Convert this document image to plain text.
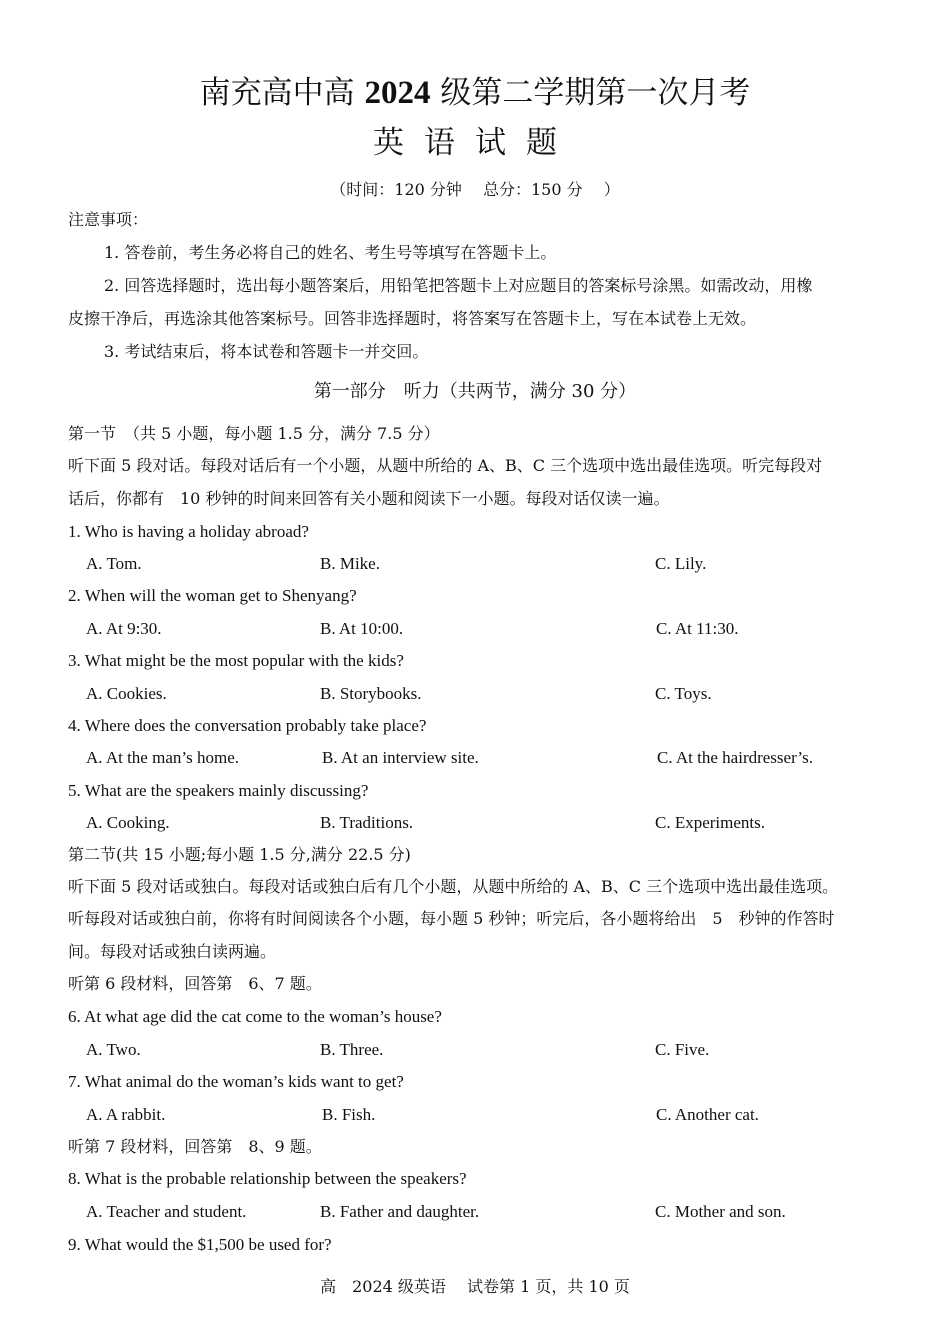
南充高中高 2024 级第二学期第一次月考
英语试题
（时间：120 分钟　 总分：150 分　 ）
注意事项：
1. 答卷前，考生务必将自己的姓名、考生号等填写在答题卡上。
2. 回答选择题时，选出每小题答案后，用铅笔把答题卡上对应题目的答案标号涂黑。如需改动，用橡
皮擦干净后，再选涂其他答案标号。回答非选择题时，将答案写在答题卡上，写在本试卷上无效。
3. 考试结束后，将本试卷和答题卡一并交回。
第一部分　听力（共两节，满分 30 分）
第一节　（共 5 小题，每小题 1.5 分，满分 7.5 分）
听下面 5 段对话。每段对话后有一个小题，从题中所给的 A、B、C 三个选项中选出最佳选项。听完每段对
话后，你都有　10 秒钟的时间来回答有关小题和阅读下一小题。每段对话仅读一遍。
1. Who is having a holiday abroad?
A. Tom.	B. Mike.	C. Lily.
2. When will the woman get to Shenyang?
A. At 9:30.	B. At 10:00.	C. At 11:30.
3. What might be the most popular with the kids?
A. Cookies.	B. Storybooks.	C. Toys.
4. Where does the conversation probably take place?
A. At the man’s home.	B. At an interview site.	C. At the hairdresser’s.
5. What are the speakers mainly discussing?
A. Cooking.	B. Traditions.	C. Experiments.
第二节(共 15 小题;每小题 1.5 分,满分 22.5 分)
听下面 5 段对话或独白。每段对话或独白后有几个小题，从题中所给的 A、B、C 三个选项中选出最佳选项。
听每段对话或独白前，你将有时间阅读各个小题，每小题 5 秒钟；听完后，各小题将给出　5　秒钟的作答时
间。每段对话或独白读两遍。
听第 6 段材料，回答第　6、7 题。
6. At what age did the cat come to the woman’s house?
A. Two.	B. Three.	C. Five.
7. What animal do the woman’s kids want to get?
A. A rabbit.	B. Fish.	C. Another cat.
听第 7 段材料，回答第　8、9 题。
8. What is the probable relationship between the speakers?
A. Teacher and student.	B. Father and daughter.	C. Mother and son.
9. What would the $1,500 be used for?
高　2024 级英语　 试卷第 1 页，共 10 页
